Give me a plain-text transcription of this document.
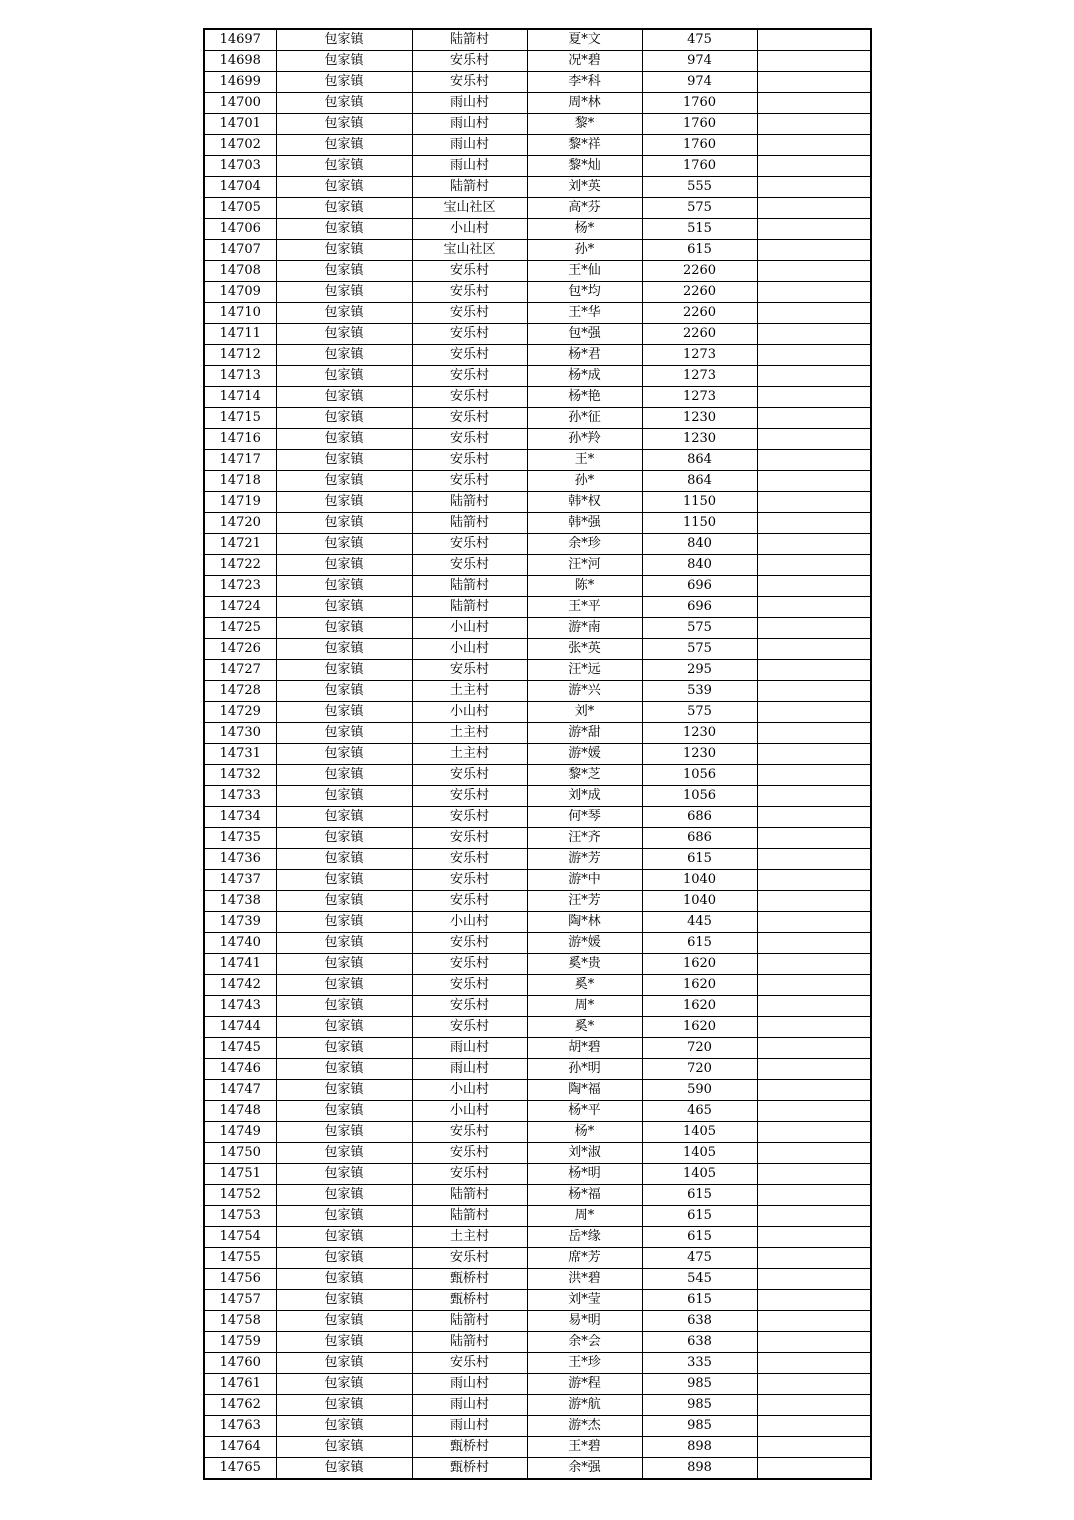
14697	包家镇	陆箭村	夏*文	475	
14698	包家镇	安乐村	况*碧	974	
14699	包家镇	安乐村	李*科	974	
14700	包家镇	雨山村	周*林	1760	
14701	包家镇	雨山村	黎*	1760	
14702	包家镇	雨山村	黎*祥	1760	
14703	包家镇	雨山村	黎*灿	1760	
14704	包家镇	陆箭村	刘*英	555	
14705	包家镇	宝山社区	高*芬	575	
14706	包家镇	小山村	杨*	515	
14707	包家镇	宝山社区	孙*	615	
14708	包家镇	安乐村	王*仙	2260	
14709	包家镇	安乐村	包*均	2260	
14710	包家镇	安乐村	王*华	2260	
14711	包家镇	安乐村	包*强	2260	
14712	包家镇	安乐村	杨*君	1273	
14713	包家镇	安乐村	杨*成	1273	
14714	包家镇	安乐村	杨*艳	1273	
14715	包家镇	安乐村	孙*征	1230	
14716	包家镇	安乐村	孙*羚	1230	
14717	包家镇	安乐村	王*	864	
14718	包家镇	安乐村	孙*	864	
14719	包家镇	陆箭村	韩*权	1150	
14720	包家镇	陆箭村	韩*强	1150	
14721	包家镇	安乐村	余*珍	840	
14722	包家镇	安乐村	汪*河	840	
14723	包家镇	陆箭村	陈*	696	
14724	包家镇	陆箭村	王*平	696	
14725	包家镇	小山村	游*南	575	
14726	包家镇	小山村	张*英	575	
14727	包家镇	安乐村	汪*远	295	
14728	包家镇	土主村	游*兴	539	
14729	包家镇	小山村	刘*	575	
14730	包家镇	土主村	游*甜	1230	
14731	包家镇	土主村	游*媛	1230	
14732	包家镇	安乐村	黎*芝	1056	
14733	包家镇	安乐村	刘*成	1056	
14734	包家镇	安乐村	何*琴	686	
14735	包家镇	安乐村	汪*齐	686	
14736	包家镇	安乐村	游*芳	615	
14737	包家镇	安乐村	游*中	1040	
14738	包家镇	安乐村	汪*芳	1040	
14739	包家镇	小山村	陶*林	445	
14740	包家镇	安乐村	游*媛	615	
14741	包家镇	安乐村	奚*贵	1620	
14742	包家镇	安乐村	奚*	1620	
14743	包家镇	安乐村	周*	1620	
14744	包家镇	安乐村	奚*	1620	
14745	包家镇	雨山村	胡*碧	720	
14746	包家镇	雨山村	孙*明	720	
14747	包家镇	小山村	陶*福	590	
14748	包家镇	小山村	杨*平	465	
14749	包家镇	安乐村	杨*	1405	
14750	包家镇	安乐村	刘*淑	1405	
14751	包家镇	安乐村	杨*明	1405	
14752	包家镇	陆箭村	杨*福	615	
14753	包家镇	陆箭村	周*	615	
14754	包家镇	土主村	岳*缘	615	
14755	包家镇	安乐村	席*芳	475	
14756	包家镇	甄桥村	洪*碧	545	
14757	包家镇	甄桥村	刘*莹	615	
14758	包家镇	陆箭村	易*明	638	
14759	包家镇	陆箭村	余*会	638	
14760	包家镇	安乐村	王*珍	335	
14761	包家镇	雨山村	游*程	985	
14762	包家镇	雨山村	游*航	985	
14763	包家镇	雨山村	游*杰	985	
14764	包家镇	甄桥村	王*碧	898	
14765	包家镇	甄桥村	余*强	898	
